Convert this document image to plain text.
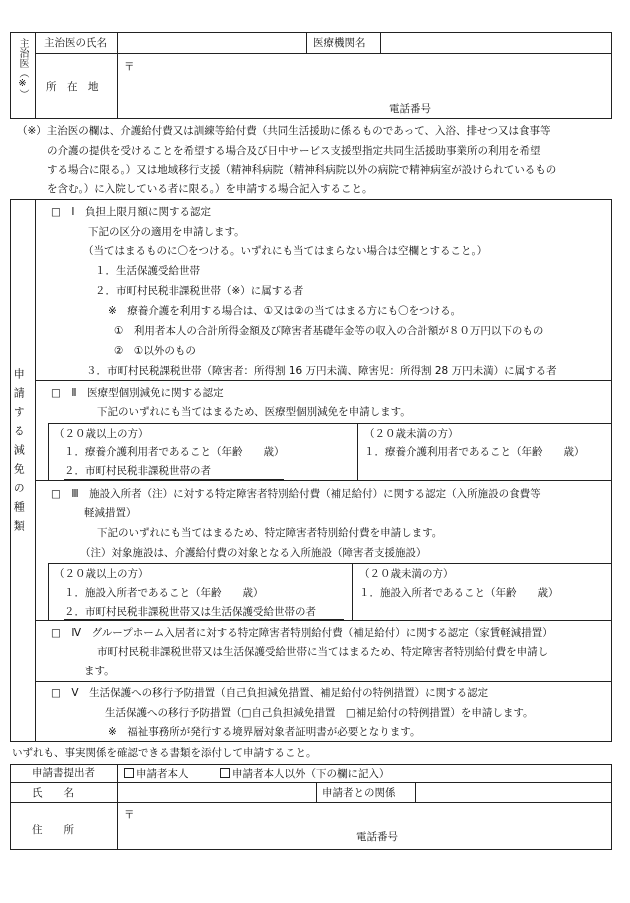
主治医（※） 主治医の氏名	医療機関名
所　在　地
〒
電話番号
（※）主治医の欄は、介護給付費又は訓練等給付費（共同生活援助に係るものであって、入浴、排せつ又は食事等
の介護の提供を受けることを希望する場合及び日中サービス支援型指定共同生活援助事業所の利用を希望
する場合に限る。）又は地域移行支援（精神科病院（精神科病院以外の病院で精神病室が設けられているもの
を含む。）に入院している者に限る。）を申請する場合記入すること。
申請する減免の種類
□　Ⅰ　負担上限月額に関する認定
下記の区分の適用を申請します。
（当てはまるものに〇をつける。いずれにも当てはまらない場合は空欄とすること。）
１．生活保護受給世帯
２．市町村民税非課税世帯（※）に属する者
※　療養介護を利用する場合は、①又は②の当てはまる方にも〇をつける。
①　利用者本人の合計所得金額及び障害者基礎年金等の収入の合計額が８０万円以下のもの
②　①以外のもの
３．市町村民税課税世帯（障害者：所得割 16 万円未満、障害児：所得割 28 万円未満）に属する者
□　Ⅱ　医療型個別減免に関する認定
下記のいずれにも当てはまるため、医療型個別減免を申請します。
（２０歳以上の方）
１．療養介護利用者であること（年齢　　歳）
２．市町村民税非課税世帯の者
（２０歳未満の方）
１．療養介護利用者であること（年齢　　歳）
□　Ⅲ　施設入所者（注）に対する特定障害者特別給付費（補足給付）に関する認定（入所施設の食費等
軽減措置）
下記のいずれにも当てはまるため、特定障害者特別給付費を申請します。
（注）対象施設は、介護給付費の対象となる入所施設（障害者支援施設）
（２０歳以上の方）
１．施設入所者であること（年齢　　歳）
２．市町村民税非課税世帯又は生活保護受給世帯の者
（２０歳未満の方）
１．施設入所者であること（年齢　　歳）
□　Ⅳ　グループホーム入居者に対する特定障害者特別給付費（補足給付）に関する認定（家賃軽減措置）
市町村民税非課税世帯又は生活保護受給世帯に当てはまるため、特定障害者特別給付費を申請し
ます。
□　Ⅴ　生活保護への移行予防措置（自己負担減免措置、補足給付の特例措置）に関する認定
生活保護への移行予防措置（□自己負担減免措置　□補足給付の特例措置）を申請します。
※　福祉事務所が発行する境界層対象者証明書が必要となります。
いずれも、事実関係を確認できる書類を添付して申請すること。
申請書提出者	申請者本人	申請者本人以外（下の欄に記入）
氏　　名	申請者との関係
住　　所
〒
電話番号
